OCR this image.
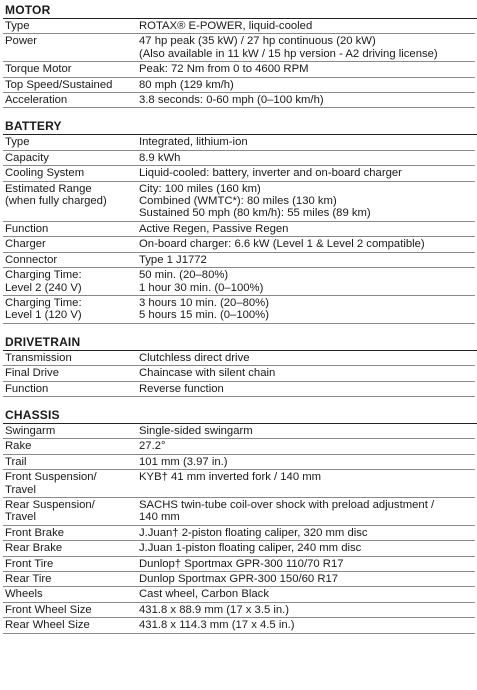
MOTOR
Type	ROTAX® E-POWER, liquid-cooled
Power	47 hp peak (35 kW) / 27 hp continuous (20 kW)
(Also available in 11 kW / 15 hp version - A2 driving license)
Torque Motor	Peak: 72 Nm from 0 to 4600 RPM
Top Speed/Sustained	80 mph (129 km/h)
Acceleration	3.8 seconds: 0-60 mph (0–100 km/h)
BATTERY
Type	Integrated, lithium-ion
Capacity	8.9 kWh
Cooling System	Liquid-cooled: battery, inverter and on-board charger
Estimated Range
(when fully charged)	City: 100 miles (160 km)
Combined (WMTC*): 80 miles (130 km)
Sustained 50 mph (80 km/h): 55 miles (89 km)
Function	Active Regen, Passive Regen
Charger	On-board charger: 6.6 kW (Level 1 & Level 2 compatible)
Connector	Type 1 J1772
Charging Time:
Level 2 (240 V)	50 min. (20–80%)
1 hour 30 min. (0–100%)
Charging Time:
Level 1 (120 V)	3 hours 10 min. (20–80%)
5 hours 15 min. (0–100%)
DRIVETRAIN
Transmission	Clutchless direct drive
Final Drive	Chaincase with silent chain
Function	Reverse function
CHASSIS
Swingarm	Single-sided swingarm
Rake	27.2°
Trail	101 mm (3.97 in.)
Front Suspension/
Travel	KYB† 41 mm inverted fork / 140 mm
Rear Suspension/
Travel	SACHS twin-tube coil-over shock with preload adjustment /
140 mm
Front Brake	J.Juan† 2-piston floating caliper, 320 mm disc
Rear Brake	J.Juan 1-piston floating caliper, 240 mm disc
Front Tire	Dunlop† Sportmax GPR-300 110/70 R17
Rear Tire	Dunlop Sportmax GPR-300 150/60 R17
Wheels	Cast wheel, Carbon Black
Front Wheel Size	431.8 x 88.9 mm (17 x 3.5 in.)
Rear Wheel Size	431.8 x 114.3 mm (17 x 4.5 in.)
